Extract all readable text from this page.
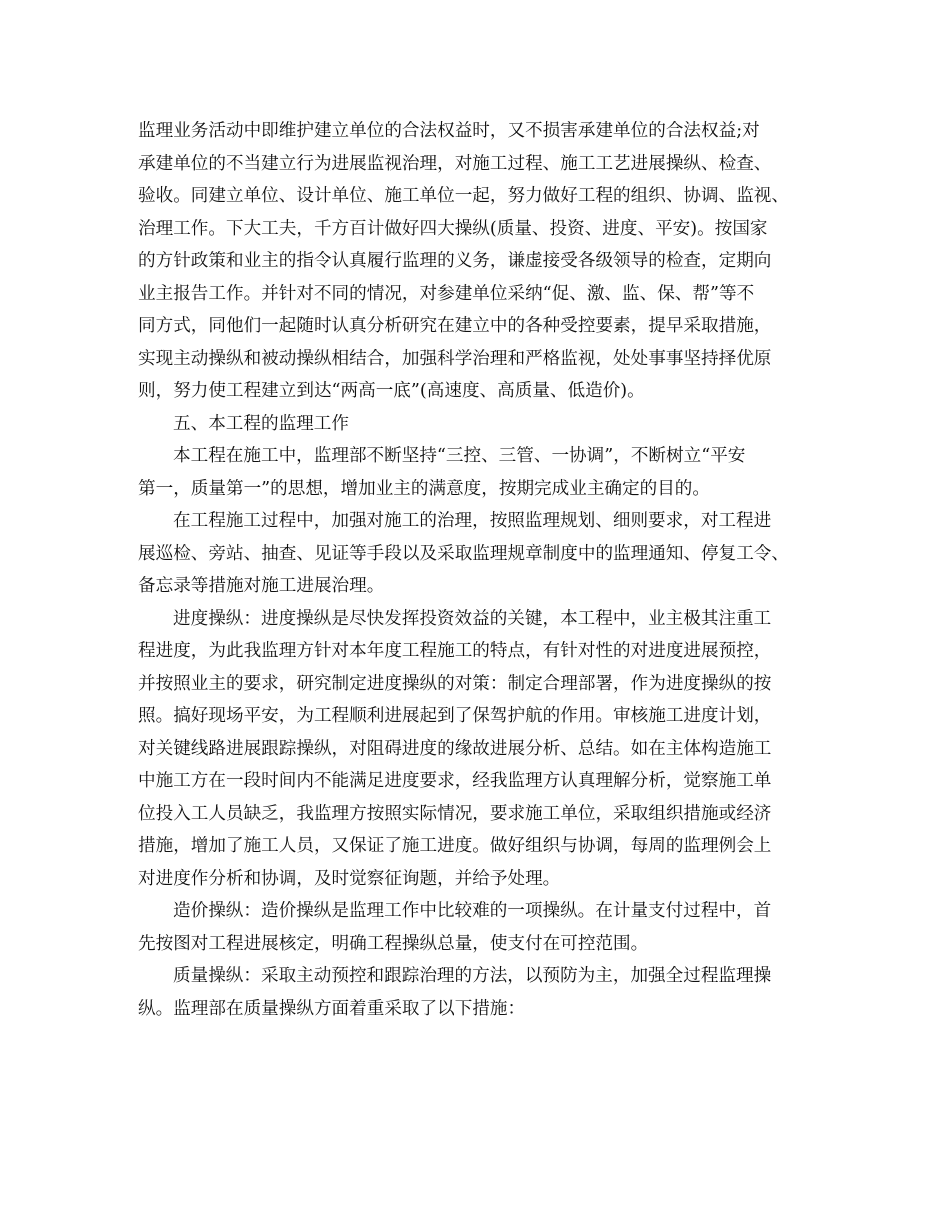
监理业务活动中即维护建立单位的合法权益时，又不损害承建单位的合法权益;对
承建单位的不当建立行为进展监视治理，对施工过程、施工工艺进展操纵、检查、
验收。同建立单位、设计单位、施工单位一起，努力做好工程的组织、协调、监视、
治理工作。下大工夫，千方百计做好四大操纵(质量、投资、进度、平安)。按国家
的方针政策和业主的指令认真履行监理的义务，谦虚接受各级领导的检查，定期向
业主报告工作。并针对不同的情况，对参建单位采纳“促、激、监、保、帮”等不
同方式，同他们一起随时认真分析研究在建立中的各种受控要素，提早采取措施，
实现主动操纵和被动操纵相结合，加强科学治理和严格监视，处处事事坚持择优原
则，努力使工程建立到达“两高一底”(高速度、高质量、低造价)。
五、本工程的监理工作
本工程在施工中，监理部不断坚持“三控、三管、一协调”，不断树立“平安
第一，质量第一”的思想，增加业主的满意度，按期完成业主确定的目的。
在工程施工过程中，加强对施工的治理，按照监理规划、细则要求，对工程进
展巡检、旁站、抽查、见证等手段以及采取监理规章制度中的监理通知、停复工令、
备忘录等措施对施工进展治理。
进度操纵：进度操纵是尽快发挥投资效益的关键，本工程中，业主极其注重工
程进度，为此我监理方针对本年度工程施工的特点，有针对性的对进度进展预控，
并按照业主的要求，研究制定进度操纵的对策：制定合理部署，作为进度操纵的按
照。搞好现场平安，为工程顺利进展起到了保驾护航的作用。审核施工进度计划，
对关键线路进展跟踪操纵，对阻碍进度的缘故进展分析、总结。如在主体构造施工
中施工方在一段时间内不能满足进度要求，经我监理方认真理解分析，觉察施工单
位投入工人员缺乏，我监理方按照实际情况，要求施工单位，采取组织措施或经济
措施，增加了施工人员，又保证了施工进度。做好组织与协调，每周的监理例会上
对进度作分析和协调，及时觉察征询题，并给予处理。
造价操纵：造价操纵是监理工作中比较难的一项操纵。在计量支付过程中，首
先按图对工程进展核定，明确工程操纵总量，使支付在可控范围。
质量操纵：采取主动预控和跟踪治理的方法，以预防为主，加强全过程监理操
纵。监理部在质量操纵方面着重采取了以下措施：
